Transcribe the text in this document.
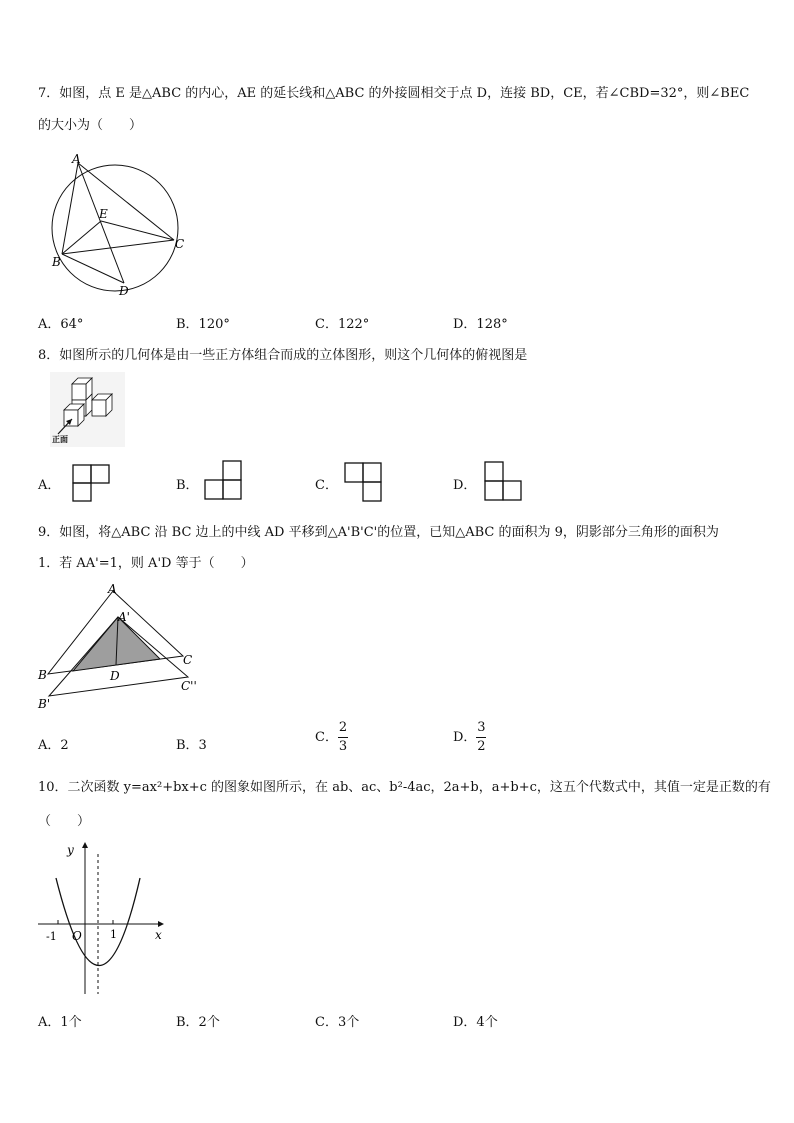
7．如图，点 E 是△ABC 的内心，AE 的延长线和△ABC 的外接圆相交于点 D，连接 BD，CE，若∠CBD=32°，则∠BEC
的大小为（　　）
A
B
C
D
E
A．64°	B．120°	C．122°	D．128°
8．如图所示的几何体是由一些正方体组合而成的立体图形，则这个几何体的俯视图是
正面
A．	B．	C．	D．
9．如图，将△ABC 沿 BC 边上的中线 AD 平移到△A'B'C'的位置，已知△ABC 的面积为 9，阴影部分三角形的面积为
1．若 AA'=1，则 A'D 等于（　　）
A
A'
B
C
D
B'
C''
A．2	B．3
C． $\frac{2}{3}$	D． $\frac{3}{2}$
10．二次函数 y=ax²+bx+c 的图象如图所示，在 ab、ac、b²-4ac，2a+b，a+b+c，这五个代数式中，其值一定是正数的有
（　　）
y
x
O
-1	1
A．1个	B．2个	C．3个	D．4个
